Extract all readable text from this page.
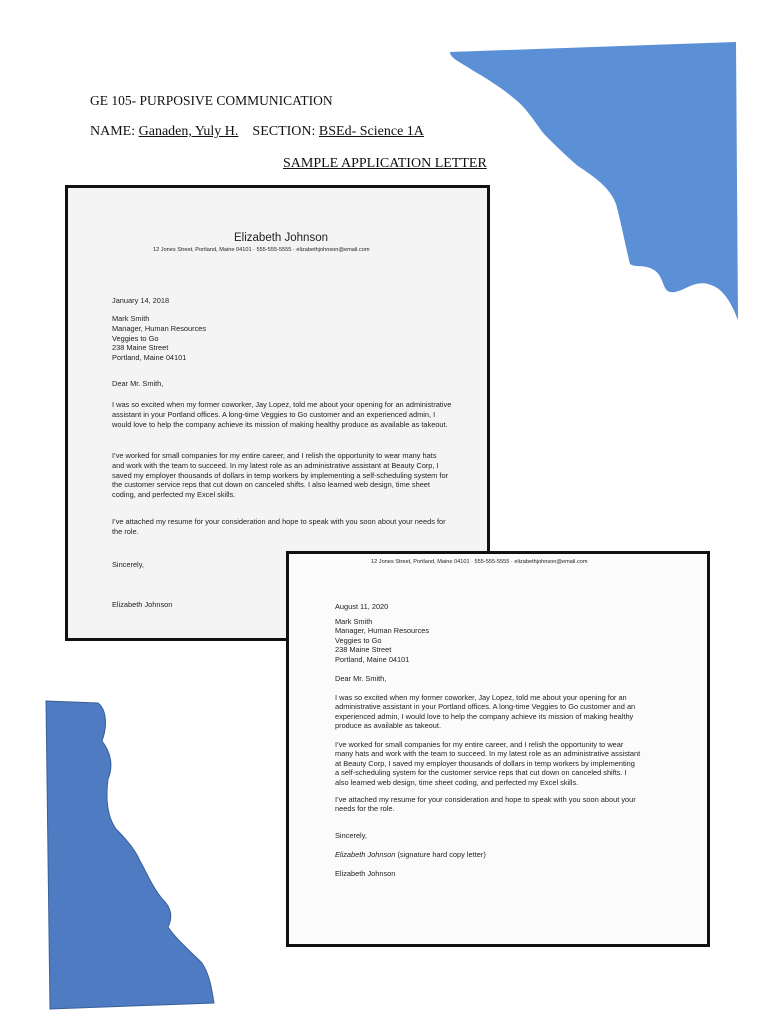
GE 105- PURPOSIVE COMMUNICATION
NAME: Ganaden, Yuly H. SECTION: BSEd- Science 1A
SAMPLE APPLICATION LETTER
Elizabeth Johnson
12 Jones Street, Portland, Maine 04101 · 555-555-5555 · elizabethjohnson@email.com
January 14, 2018
Mark Smith
Manager, Human Resources
Veggies to Go
238 Maine Street
Portland, Maine 04101
Dear Mr. Smith,
I was so excited when my former coworker, Jay Lopez, told me about your opening for an administrative assistant in your Portland offices. A long-time Veggies to Go customer and an experienced admin, I would love to help the company achieve its mission of making healthy produce as available as takeout.
I’ve worked for small companies for my entire career, and I relish the opportunity to wear many hats and work with the team to succeed. In my latest role as an administrative assistant at Beauty Corp, I saved my employer thousands of dollars in temp workers by implementing a self-scheduling system for the customer service reps that cut down on canceled shifts. I also learned web design, time sheet coding, and perfected my Excel skills.
I’ve attached my resume for your consideration and hope to speak with you soon about your needs for the role.
Sincerely,
Elizabeth Johnson
12 Jones Street, Portland, Maine 04101 · 555-555-5555 · elizabethjohnson@email.com
August 11, 2020
Mark Smith
Manager, Human Resources
Veggies to Go
238 Maine Street
Portland, Maine 04101
Dear Mr. Smith,
I was so excited when my former coworker, Jay Lopez, told me about your opening for an administrative assistant in your Portland offices. A long-time Veggies to Go customer and an experienced admin, I would love to help the company achieve its mission of making healthy produce as available as takeout.
I’ve worked for small companies for my entire career, and I relish the opportunity to wear many hats and work with the team to succeed. In my latest role as an administrative assistant at Beauty Corp, I saved my employer thousands of dollars in temp workers by implementing a self-scheduling system for the customer service reps that cut down on canceled shifts. I also learned web design, time sheet coding, and perfected my Excel skills.
I’ve attached my resume for your consideration and hope to speak with you soon about your needs for the role.
Sincerely,
Elizabeth Johnson (signature hard copy letter)
Elizabeth Johnson
